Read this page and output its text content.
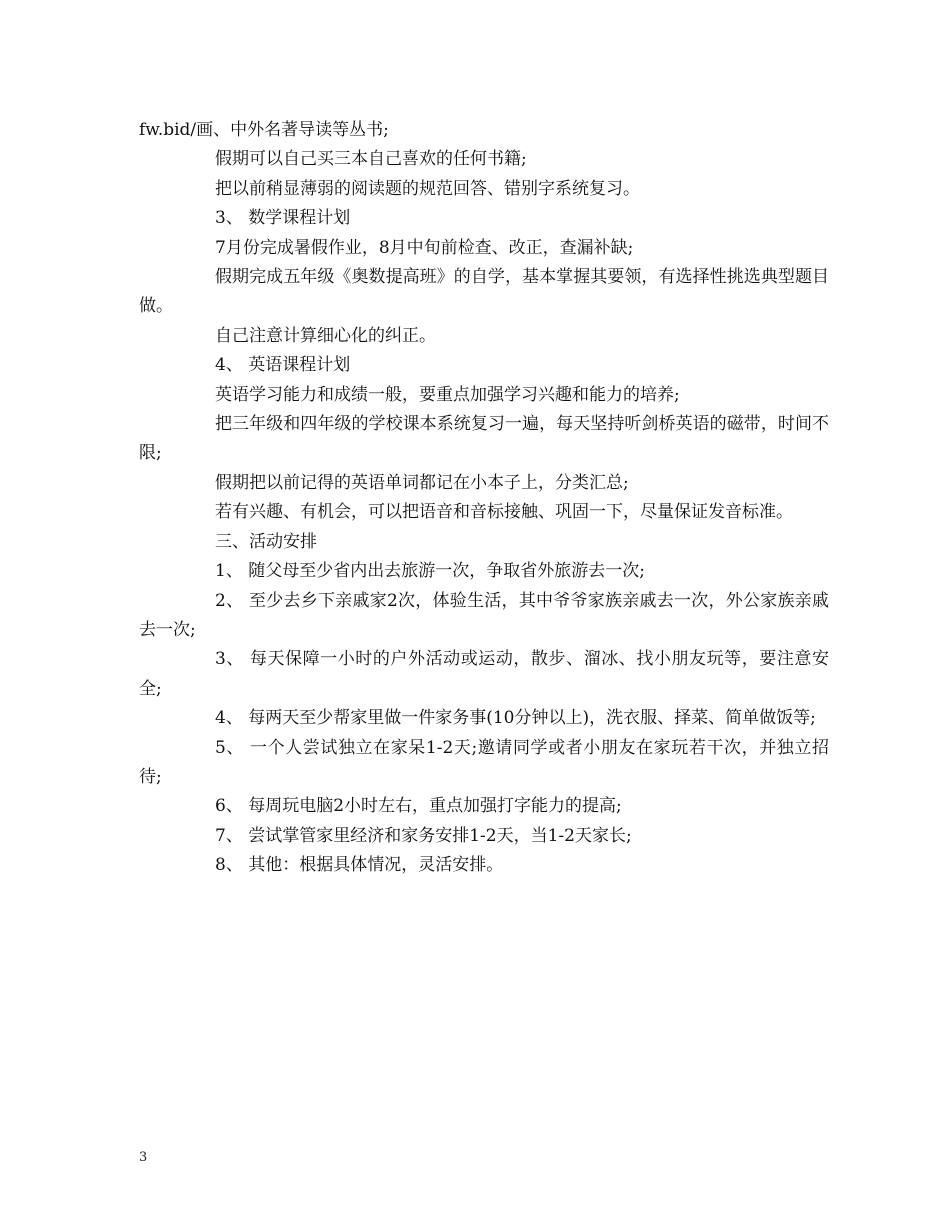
fw.bid/画、中外名著导读等丛书;

假期可以自己买三本自己喜欢的任何书籍;

把以前稍显薄弱的阅读题的规范回答、错别字系统复习。

3、 数学课程计划

7月份完成暑假作业，8月中旬前检查、改正，查漏补缺;

假期完成五年级《奥数提高班》的自学，基本掌握其要领，有选择性挑选典型题目做。

自己注意计算细心化的纠正。

4、 英语课程计划

英语学习能力和成绩一般，要重点加强学习兴趣和能力的培养;

把三年级和四年级的学校课本系统复习一遍，每天坚持听剑桥英语的磁带，时间不限;

假期把以前记得的英语单词都记在小本子上，分类汇总;

若有兴趣、有机会，可以把语音和音标接触、巩固一下，尽量保证发音标准。

三、活动安排

1、 随父母至少省内出去旅游一次，争取省外旅游去一次;

2、 至少去乡下亲戚家2次，体验生活，其中爷爷家族亲戚去一次，外公家族亲戚去一次;

3、 每天保障一小时的户外活动或运动，散步、溜冰、找小朋友玩等，要注意安全;

4、 每两天至少帮家里做一件家务事(10分钟以上)，洗衣服、择菜、简单做饭等;

5、 一个人尝试独立在家呆1-2天;邀请同学或者小朋友在家玩若干次，并独立招待;

6、 每周玩电脑2小时左右，重点加强打字能力的提高;

7、 尝试掌管家里经济和家务安排1-2天，当1-2天家长;

8、 其他：根据具体情况，灵活安排。

3
